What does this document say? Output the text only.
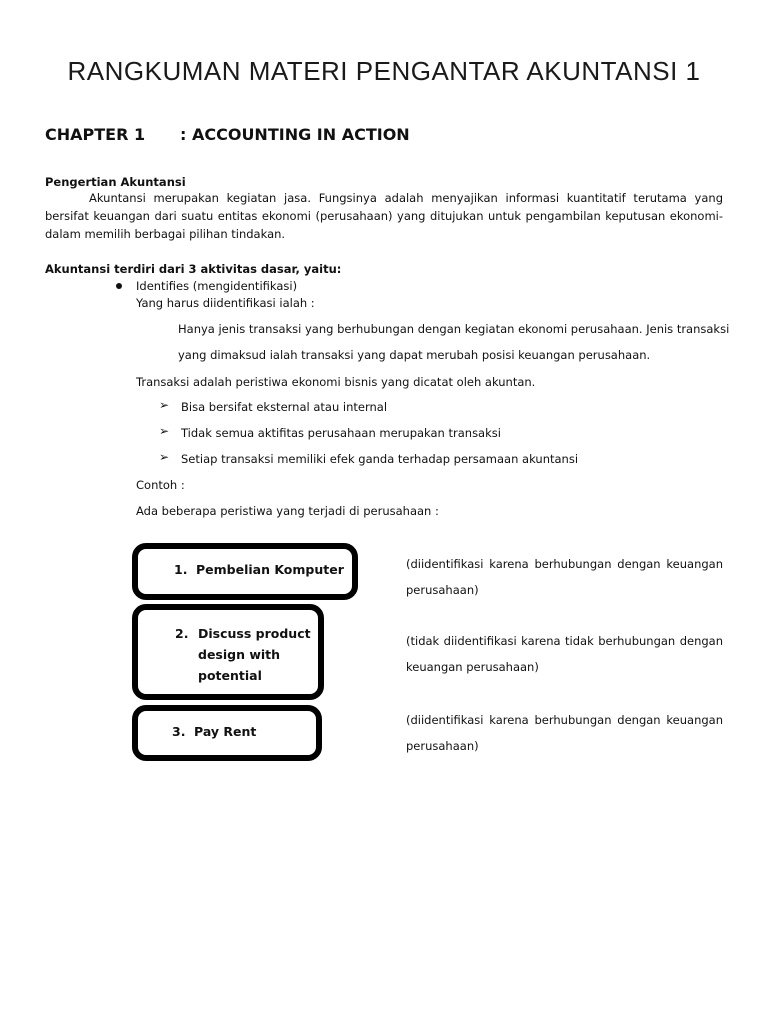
RANGKUMAN MATERI PENGANTAR AKUNTANSI 1
CHAPTER 1 : ACCOUNTING IN ACTION
Pengertian Akuntansi
Akuntansi merupakan kegiatan jasa. Fungsinya adalah menyajikan informasi kuantitatif terutama yang bersifat keuangan dari suatu entitas ekonomi (perusahaan) yang ditujukan untuk pengambilan keputusan ekonomi-dalam memilih berbagai pilihan tindakan.
Akuntansi terdiri dari 3 aktivitas dasar, yaitu:
Identifies (mengidentifikasi)
Yang harus diidentifikasi ialah :
Hanya jenis transaksi yang berhubungan dengan kegiatan ekonomi perusahaan. Jenis transaksi
yang dimaksud ialah transaksi yang dapat merubah posisi keuangan perusahaan.
Transaksi adalah peristiwa ekonomi bisnis yang dicatat oleh akuntan.
➢ Bisa bersifat eksternal atau internal
➢ Tidak semua aktifitas perusahaan merupakan transaksi
➢ Setiap transaksi memiliki efek ganda terhadap persamaan akuntansi
Contoh :
Ada beberapa peristiwa yang terjadi di perusahaan :
1. Pembelian Komputer	(diidentifikasi karena berhubungan dengan keuangan perusahaan)
2. Discuss product
design with
potential
(tidak diidentifikasi karena tidak berhubungan dengan keuangan perusahaan)
3. Pay Rent
(diidentifikasi karena berhubungan dengan keuangan perusahaan)
